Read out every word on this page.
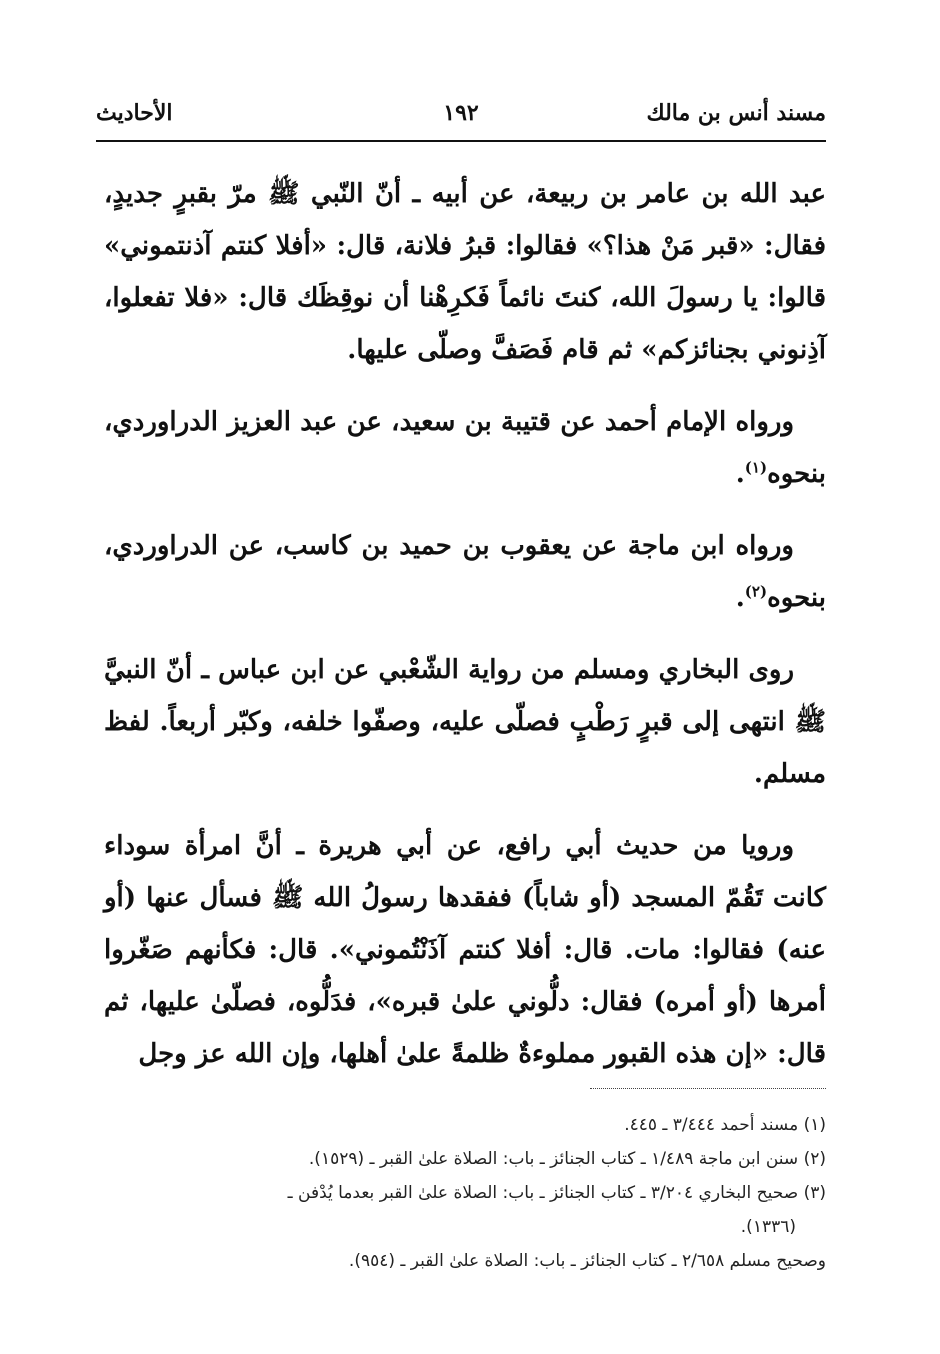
مسند أنس بن مالك
١٩٢
الأحاديث

عبد الله بن عامر بن ربيعة، عن أبيه ـ أنّ النّبي ﷺ مرّ بقبرٍ جديدٍ، فقال: «قبر مَنْ هذا؟» فقالوا: قبرُ فلانة، قال: «أفلا كنتم آذنتموني» قالوا: يا رسولَ الله، كنتَ نائماً فَكرِهْنا أن نوقِظَك قال: «فلا تفعلوا، آذِنوني بجنائزكم» ثم قام فَصَفَّ وصلّى عليها.

ورواه الإمام أحمد عن قتيبة بن سعيد، عن عبد العزيز الدراوردي، بنحوه$^{(١)}$.

ورواه ابن ماجة عن يعقوب بن حميد بن كاسب، عن الدراوردي، بنحوه$^{(٢)}$.

روى البخاري ومسلم من رواية الشّعْبي عن ابن عباس ـ أنّ النبيَّ ﷺ انتهى إلى قبرٍ رَطْبٍ فصلّى عليه، وصفّوا خلفه، وكبّر أربعاً. لفظ مسلم.

ورويا من حديث أبي رافع، عن أبي هريرة ـ أنَّ امرأة سوداء كانت تَقُمّ المسجد (أو شاباً) ففقدها رسولُ الله ﷺ فسأل عنها (أو عنه) فقالوا: مات. قال: أفلا كنتم آذَنْتُموني». قال: فكأنهم صَغّروا أمرها (أو أمره) فقال: دلُّوني علىٰ قبره»، فدَلُّوه، فصلّىٰ عليها، ثم قال: «إن هذه القبور مملوءةٌ ظلمةً علىٰ أهلها، وإن الله عز وجل

(١) مسند أحمد ٣/٤٤٤ ـ ٤٤٥.
(٢) سنن ابن ماجة ١/٤٨٩ ـ كتاب الجنائز ـ باب: الصلاة علىٰ القبر ـ (١٥٢٩).
(٣) صحيح البخاري ٣/٢٠٤ ـ كتاب الجنائز ـ باب: الصلاة علىٰ القبر بعدما يُدْفن ـ
(١٣٣٦).
وصحيح مسلم ٢/٦٥٨ ـ كتاب الجنائز ـ باب: الصلاة علىٰ القبر ـ (٩٥٤).
